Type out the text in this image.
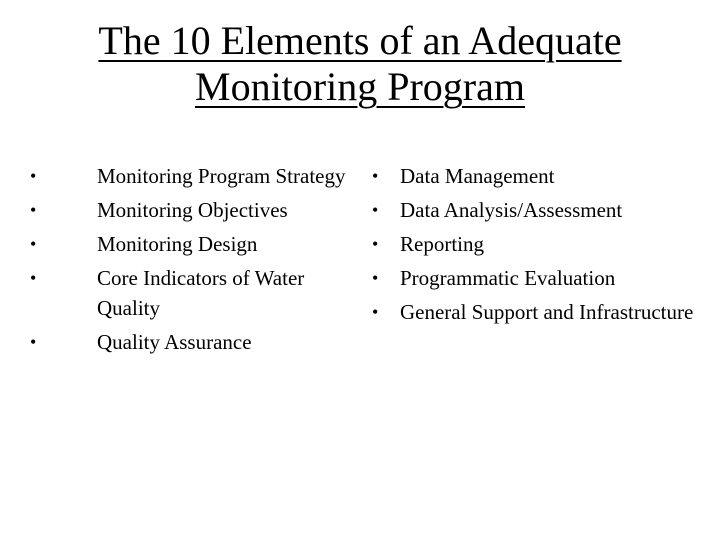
The 10 Elements of an Adequate
Monitoring Program
•	Monitoring Program Strategy
•	Monitoring Objectives
•	Monitoring Design
•	Core Indicators of Water Quality
•	Quality Assurance
• Data Management
• Data Analysis/Assessment
• Reporting
• Programmatic Evaluation
• General Support and Infrastructure
